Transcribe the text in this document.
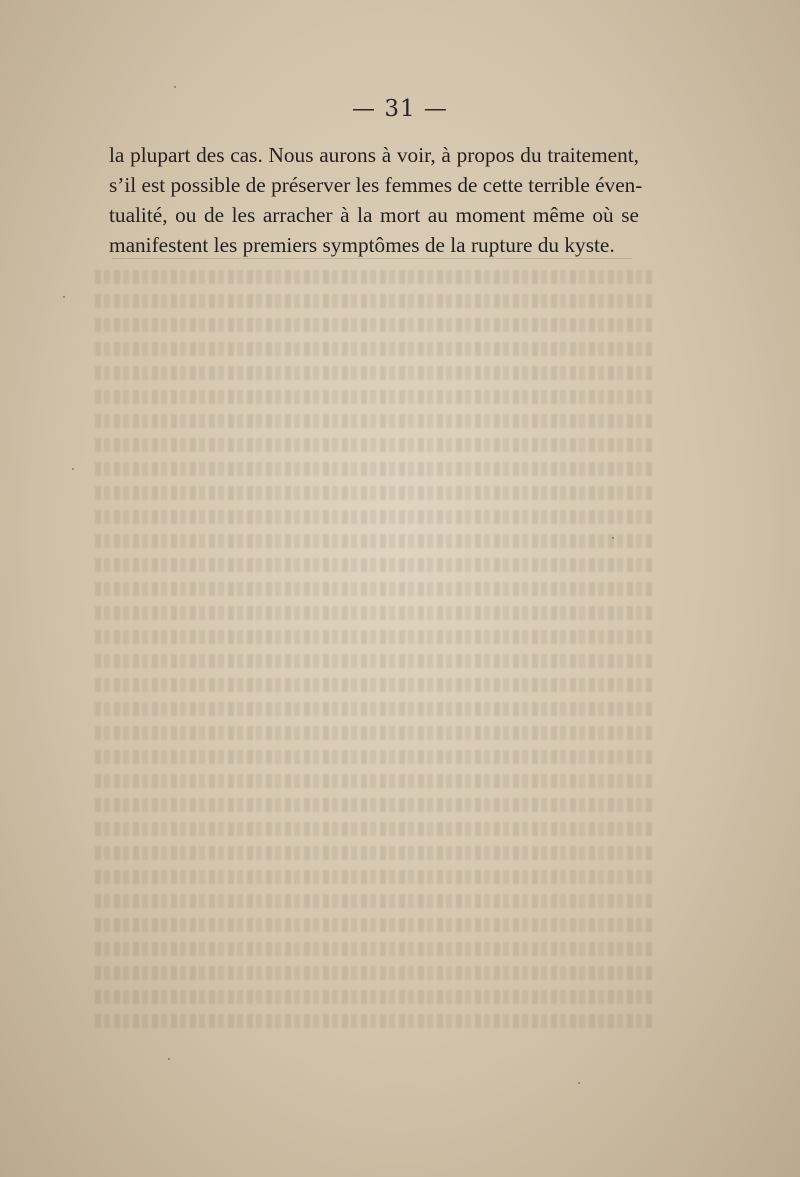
— 31 —
la plupart des cas. Nous aurons à voir, à propos du traitement,
s’il est possible de préserver les femmes de cette terrible éven-
tualité, ou de les arracher à la mort au moment même où se
manifestent les premiers symptômes de la rupture du kyste.
